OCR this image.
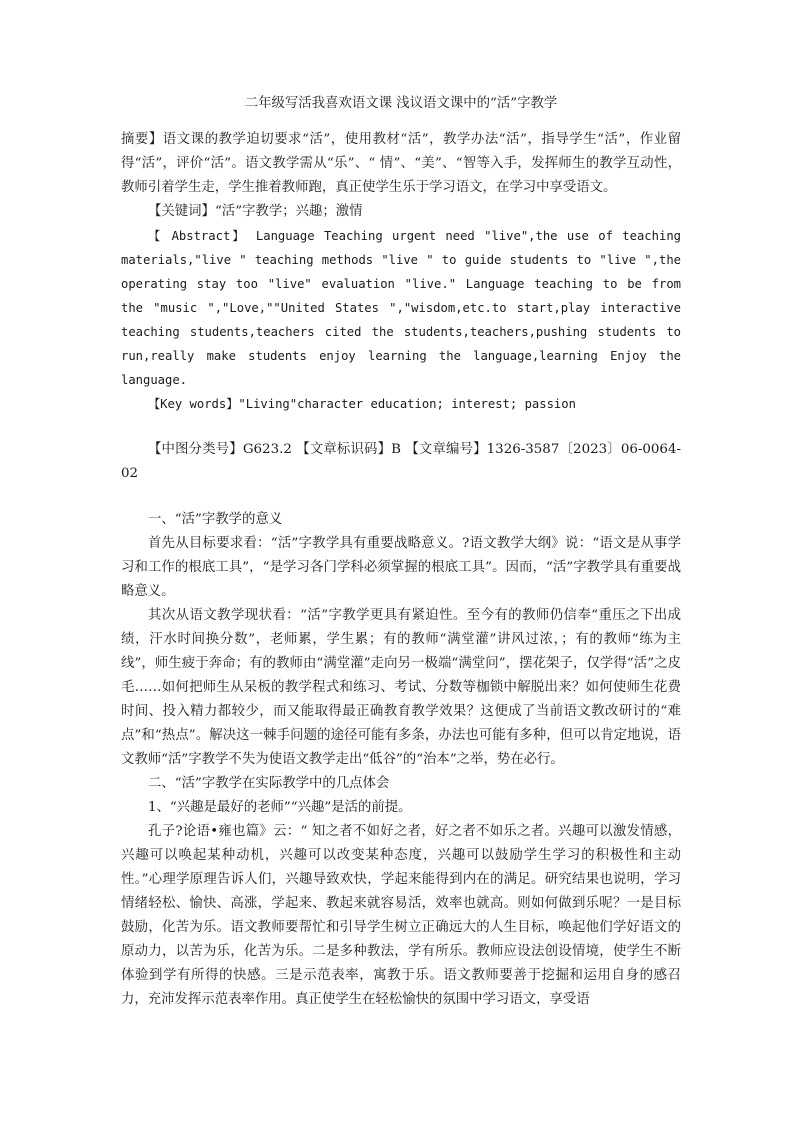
二年级写活我喜欢语文课 浅议语文课中的“活”字教学

摘要】语文课的教学迫切要求“活”，使用教材“活”，教学办法“活”，指导学生“活”，作业留得“活”，评价“活”。语文教学需从“乐”、“ 情”、“美”、“智等入手，发挥师生的教学互动性，教师引着学生走，学生推着教师跑，真正使学生乐于学习语文，在学习中享受语文。

【关键词】“活”字教学；兴趣；激情

【 Abstract】 Language Teaching urgent need "live",the use of teaching materials,"live " teaching methods "live " to guide students to "live ",the operating stay too "live" evaluation "live." Language teaching to be from the "music ","Love,""United States ","wisdom,etc.to start,play interactive teaching students,teachers cited the students,teachers,pushing students to run,really make students enjoy learning the language,learning Enjoy the language.

【Key words】"Living"character education; interest; passion

【中图分类号】G623.2 【文章标识码】B 【文章编号】1326-3587〔2023〕06-0064-02

一、“活”字教学的意义

首先从目标要求看：“活”字教学具有重要战略意义。?语文教学大纲》说：“语文是从事学习和工作的根底工具”，“是学习各门学科必须掌握的根底工具”。因而，“活”字教学具有重要战略意义。

其次从语文教学现状看：“活”字教学更具有紧迫性。至今有的教师仍信奉“重压之下出成绩，汗水时间换分数”，老师累，学生累；有的教师“满堂灌”讲风过浓，；有的教师“练为主线”，师生疲于奔命；有的教师由“满堂灌”走向另一极端“满堂问”，摆花架子，仅学得“活”之皮毛……如何把师生从呆板的教学程式和练习、考试、分数等枷锁中解脱出来？如何使师生花费时间、投入精力都较少，而又能取得最正确教育教学效果？这便成了当前语文教改研讨的“难点”和“热点”。解决这一棘手问题的途径可能有多条，办法也可能有多种，但可以肯定地说，语文教师“活”字教学不失为使语文教学走出“低谷”的“治本”之举，势在必行。

二、“活”字教学在实际教学中的几点体会

1、“兴趣是最好的老师”“兴趣”是活的前提。

孔子?论语•雍也篇》云：“ 知之者不如好之者，好之者不如乐之者。兴趣可以激发情感，兴趣可以唤起某种动机，兴趣可以改变某种态度，兴趣可以鼓励学生学习的积极性和主动性。”心理学原理告诉人们，兴趣导致欢快，学起来能得到内在的满足。研究结果也说明，学习情绪轻松、愉快、高涨，学起来、教起来就容易活，效率也就高。则如何做到乐呢？一是目标鼓励，化苦为乐。语文教师要帮忙和引导学生树立正确远大的人生目标，唤起他们学好语文的原动力，以苦为乐，化苦为乐。二是多种教法，学有所乐。教师应设法创设情境，使学生不断体验到学有所得的快感。三是示范表率，寓教于乐。语文教师要善于挖掘和运用自身的感召力，充沛发挥示范表率作用。真正使学生在轻松愉快的氛围中学习语文，享受语
